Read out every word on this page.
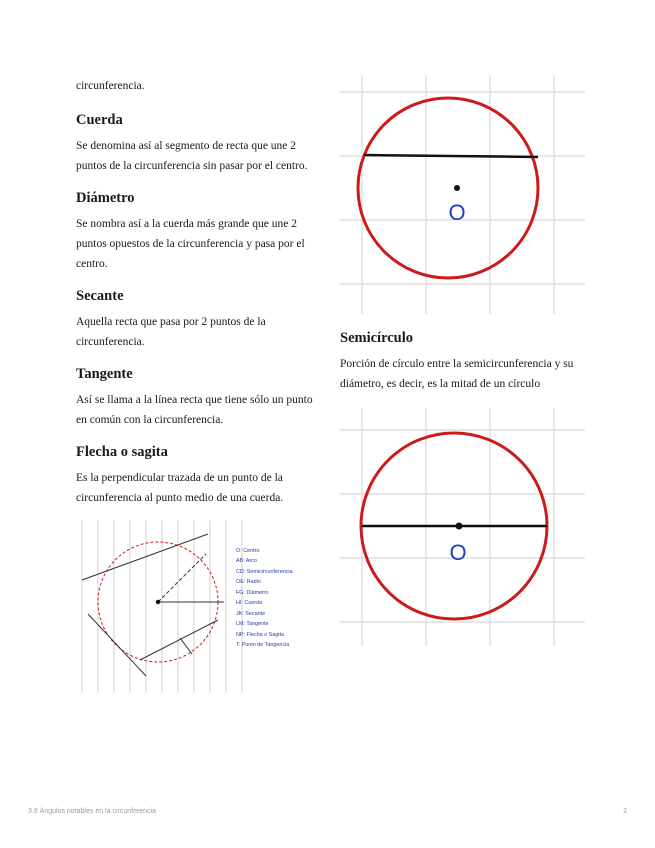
circunferencia.

Cuerda

Se denomina así al segmento de recta que une 2 puntos de la circunferencia sin pasar por el centro.

Diámetro

Se nombra así a la cuerda más grande que une 2 puntos opuestos de la circunferencia y pasa por el centro.

Secante

Aquella recta que pasa por 2 puntos de la circunferencia.

Tangente

Así se llama a la línea recta que tiene sólo un punto en común con la circunferencia.

Flecha o sagita

Es la perpendicular trazada de un punto de la circunferencia al punto medio de una cuerda.

O: Centro
AB: Arco
CD: Semicircunferencia
OE: Radio
FG: Diámetro
HI: Cuerda
JK: Secante
LM: Tangente
NP: Flecha o Sagita
T: Punto de Tangencia
O
Semicírculo

Porción de círculo entre la semicircunferencia y su diámetro, es decir, es la mitad de un círculo

O
3.8 Ángulos notables en la circunferencia	2
